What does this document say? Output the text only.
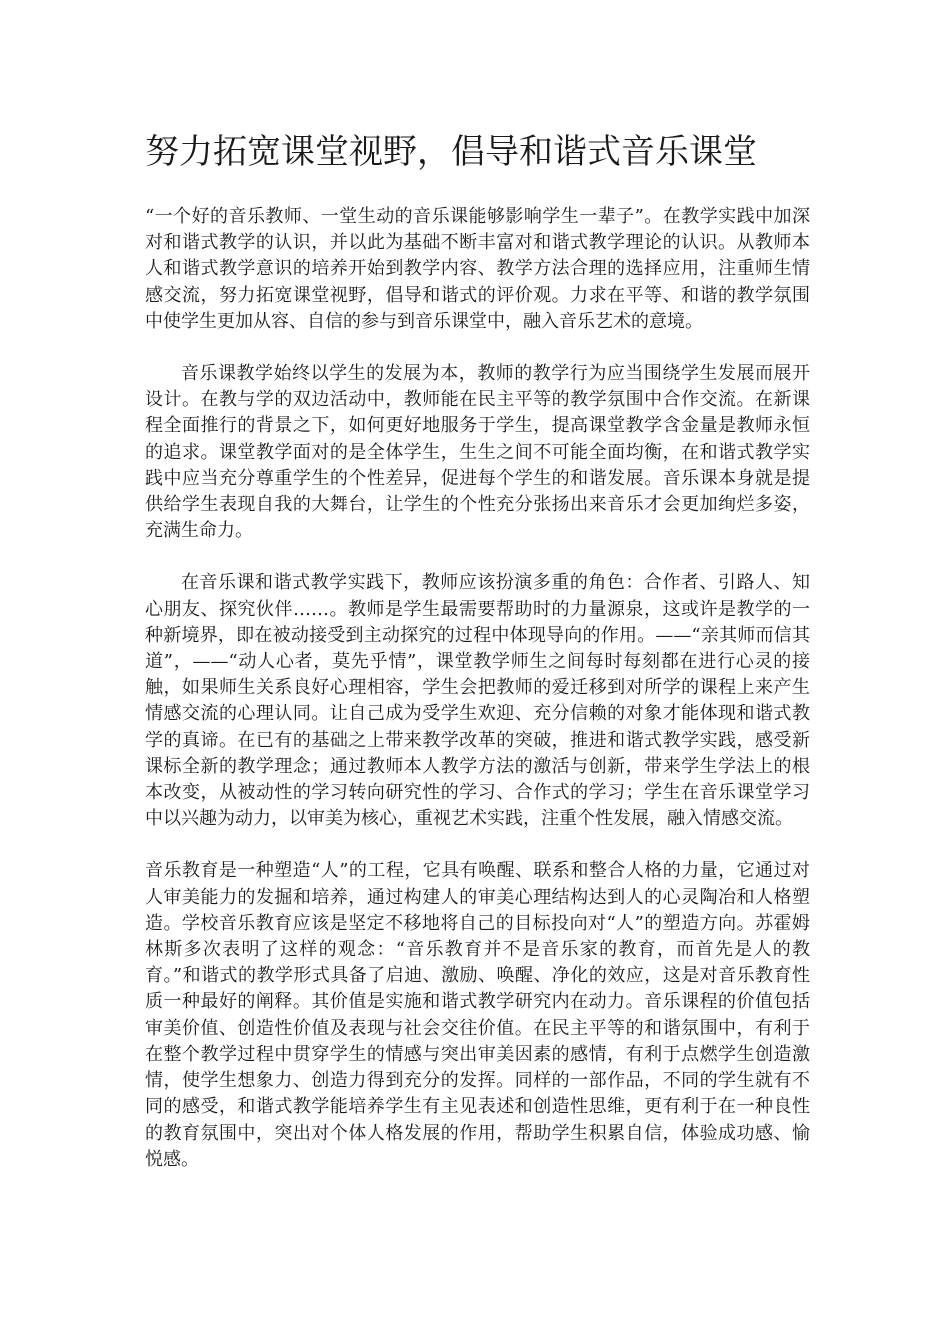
努力拓宽课堂视野，倡导和谐式音乐课堂

“一个好的音乐教师、一堂生动的音乐课能够影响学生一辈子”。在教学实践中加深对和谐式教学的认识，并以此为基础不断丰富对和谐式教学理论的认识。从教师本人和谐式教学意识的培养开始到教学内容、教学方法合理的选择应用，注重师生情感交流，努力拓宽课堂视野，倡导和谐式的评价观。力求在平等、和谐的教学氛围中使学生更加从容、自信的参与到音乐课堂中，融入音乐艺术的意境。

音乐课教学始终以学生的发展为本，教师的教学行为应当围绕学生发展而展开设计。在教与学的双边活动中，教师能在民主平等的教学氛围中合作交流。在新课程全面推行的背景之下，如何更好地服务于学生，提高课堂教学含金量是教师永恒的追求。课堂教学面对的是全体学生，生生之间不可能全面均衡，在和谐式教学实践中应当充分尊重学生的个性差异，促进每个学生的和谐发展。音乐课本身就是提供给学生表现自我的大舞台，让学生的个性充分张扬出来音乐才会更加绚烂多姿，充满生命力。

在音乐课和谐式教学实践下，教师应该扮演多重的角色：合作者、引路人、知心朋友、探究伙伴……。教师是学生最需要帮助时的力量源泉，这或许是教学的一种新境界，即在被动接受到主动探究的过程中体现导向的作用。——“亲其师而信其道”，——“动人心者，莫先乎情”，课堂教学师生之间每时每刻都在进行心灵的接触，如果师生关系良好心理相容，学生会把教师的爱迁移到对所学的课程上来产生情感交流的心理认同。让自己成为受学生欢迎、充分信赖的对象才能体现和谐式教学的真谛。在已有的基础之上带来教学改革的突破，推进和谐式教学实践，感受新课标全新的教学理念；通过教师本人教学方法的激活与创新，带来学生学法上的根本改变，从被动性的学习转向研究性的学习、合作式的学习；学生在音乐课堂学习中以兴趣为动力，以审美为核心，重视艺术实践，注重个性发展，融入情感交流。

音乐教育是一种塑造“人”的工程，它具有唤醒、联系和整合人格的力量，它通过对人审美能力的发掘和培养，通过构建人的审美心理结构达到人的心灵陶冶和人格塑造。学校音乐教育应该是坚定不移地将自己的目标投向对“人”的塑造方向。苏霍姆林斯多次表明了这样的观念：“音乐教育并不是音乐家的教育，而首先是人的教育。”和谐式的教学形式具备了启迪、激励、唤醒、净化的效应，这是对音乐教育性质一种最好的阐释。其价值是实施和谐式教学研究内在动力。音乐课程的价值包括审美价值、创造性价值及表现与社会交往价值。在民主平等的和谐氛围中，有利于在整个教学过程中贯穿学生的情感与突出审美因素的感情，有利于点燃学生创造激情，使学生想象力、创造力得到充分的发挥。同样的一部作品，不同的学生就有不同的感受，和谐式教学能培养学生有主见表述和创造性思维，更有利于在一种良性的教育氛围中，突出对个体人格发展的作用，帮助学生积累自信，体验成功感、愉悦感。
